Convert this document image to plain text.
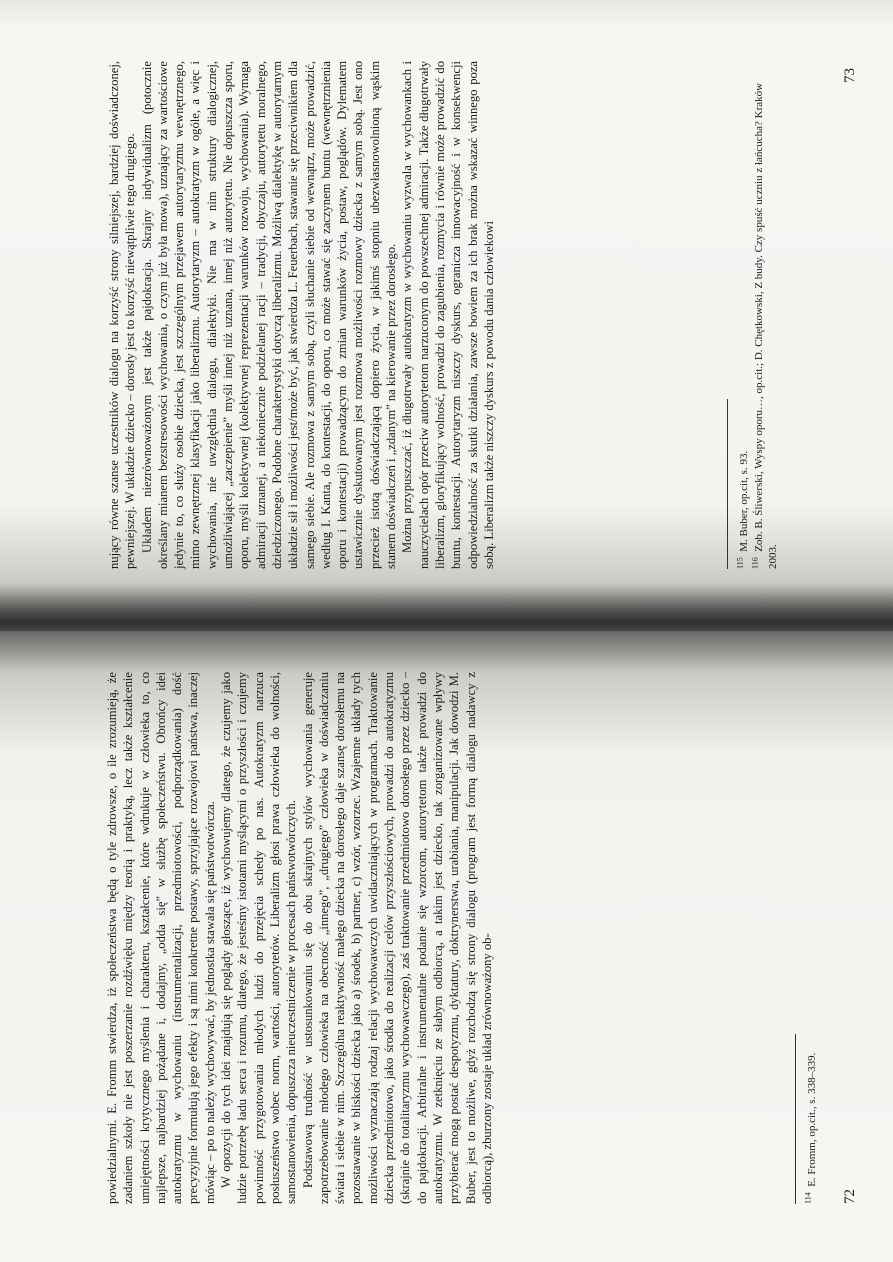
powiedzialnymi. E. Fromm stwierdza, iż społeczeństwa będą o tyle zdrowsze, o ile zrozumieją, że zadaniem szkoły nie jest poszerzanie rozdźwięku między teorią i praktyką, lecz także kształcenie umiejętności krytycznego myślenia i charakteru, kształcenie, które wdrukuje w człowieka to, co najlepsze, najbardziej pożądane i, dodajmy, „odda się” w służbę społeczeństwu. Obrońcy idei autokratyzmu w wychowaniu (instrumentalizacji, przedmiotowości, podporządkowania) dość precyzyjnie formułują jego efekty i są nimi konkretne postawy, sprzyjające rozwojowi państwa, inaczej mówiąc – po to należy wychowywać, by jednostka stawała się państwotwórcza. W opozycji do tych idei znajdują się poglądy głoszące, iż wychowujemy dlatego, że czujemy jako ludzie potrzebę ładu serca i rozumu, dlatego, że jesteśmy istotami myślącymi o przyszłości i czujemy powinność przygotowania młodych ludzi do przejęcia schedy po nas. Autokratyzm narzuca posłuszeństwo wobec norm, wartości, autorytetów. Liberalizm głosi prawa człowieka do wolności, samostanowienia, dopuszcza nieuczestniczenie w procesach państwotwórczych. Podstawową trudność w ustosunkowaniu się do obu skrajnych stylów wychowania generuje zapotrzebowanie młodego człowieka na obecność „innego”, „drugiego” człowieka w doświadczaniu świata i siebie w nim. Szczególna reaktywność małego dziecka na dorosłego daje szansę dorosłemu na pozostawanie w bliskości dziecka jako a) środek, b) partner, c) wzór, wzorzec. Wzajemne układy tych możliwości wyznaczają rodzaj relacji wychowawczych uwidaczniających w programach. Traktowanie dziecka przedmiotowo, jako środka do realizacji celów przyszłościowych, prowadzi do autokratyzmu (skrajnie do totalitaryzmu wychowawczego), zaś traktowanie przedmiotowo dorosłego przez dziecko – do pajdokracji. Arbitralne i instrumentalne podanie się wzorcom, autorytetom także prowadzi do autokratyzmu. W zetknięciu ze słabym odbiorcą, a takim jest dziecko, tak zorganizowane wpływy przybierać mogą postać despotyzmu, dyktatury, doktrynerstwa, urabiania, manipulacji. Jak dowodzi M. Buber, jest to możliwe, gdyż rozchodzą się strony dialogu (program jest formą dialogu nadawcy z odbiorcą), zburzony zostaje układ zrównoważony ob-	$^{114}$  E. Fromm, op.cit., s. 338–339.
72

nujący równe szanse uczestników dialogu na korzyść strony silniejszej, bardziej doświadczonej, pewniejszej. W układzie dziecko – dorosły jest to korzyść niewątpliwie tego drugiego. Układem niezrównoważonym jest także pajdokracja. Skrajny indywidualizm (potocznie określany mianem bezstresowości wychowania, o czym już była mowa), uznający za wartościowe jedynie to, co służy osobie dziecka, jest szczególnym przejawem autorytaryzmu wewnętrznego, mimo zewnętrznej klasyfikacji jako liberalizmu. Autorytaryzm – autokratyzm w ogóle, a więc i wychowania, nie uwzględnia dialogu, dialektyki. Nie ma w nim struktury dialogicznej, umożliwiającej „zaczepienie” myśli innej niż uznana, innej niż autorytetu. Nie dopuszcza sporu, oporu, myśli kolektywnej (kolektywnej reprezentacji warunków rozwoju, wychowania). Wymaga admiracji uznanej, a niekoniecznie podzielanej racji – tradycji, obyczaju, autorytetu moralnego, dziedziczonego. Podobne charakterystyki dotyczą liberalizmu. Możliwą dialektykę w autorytarnym układzie sił i możliwości jest/może być, jak stwierdza L. Feuerbach, stawanie się przeciwnikiem dla samego siebie. Ale rozmowa z samym sobą, czyli słuchanie siebie od wewnątrz, może prowadzić, według I. Kanta, do kontestacji, do oporu, co może stawać się zaczynem buntu (wewnętrznienia oporu i kontestacji) prowadzącym do zmian warunków życia, postaw, poglądów. Dylematem ustawicznie dyskutowanym jest rozmowa możliwości rozmowy dziecka z samym sobą. Jest ono przecież istotą doświadczającą dopiero życia, w jakimś stopniu ubezwłasnowolnioną wąskim stanem doświadczeń i „zdanym” na kierowanie przez dorosłego. Można przypuszczać, iż długotrwały autokratyzm w wychowaniu wyzwala w wychowankach i nauczycielach opór przeciw autorytetom narzuconym do powszechnej admiracji. Także długotrwały liberalizm, gloryfikujący wolność, prowadzi do zagubienia, rozmycia i równie może prowadzić do buntu, kontestacji. Autorytaryzm niszczy dyskurs, ogranicza innowacyjność i w konsekwencji odpowiedzialność za skutki działania, zawsze bowiem za ich brak można wskazać winnego poza sobą. Liberalizm także niszczy dyskurs z powodu dania człowiekowi	$^{115}$  M. Buber, op.cit, s. 93.
$^{116}$  Zob. B. Śliwerski, Wyspy oporu…, op.cit.; D. Chętkowski, Z budy. Czy spuść uczniu z łańcucha? Kraków 2003.
73
